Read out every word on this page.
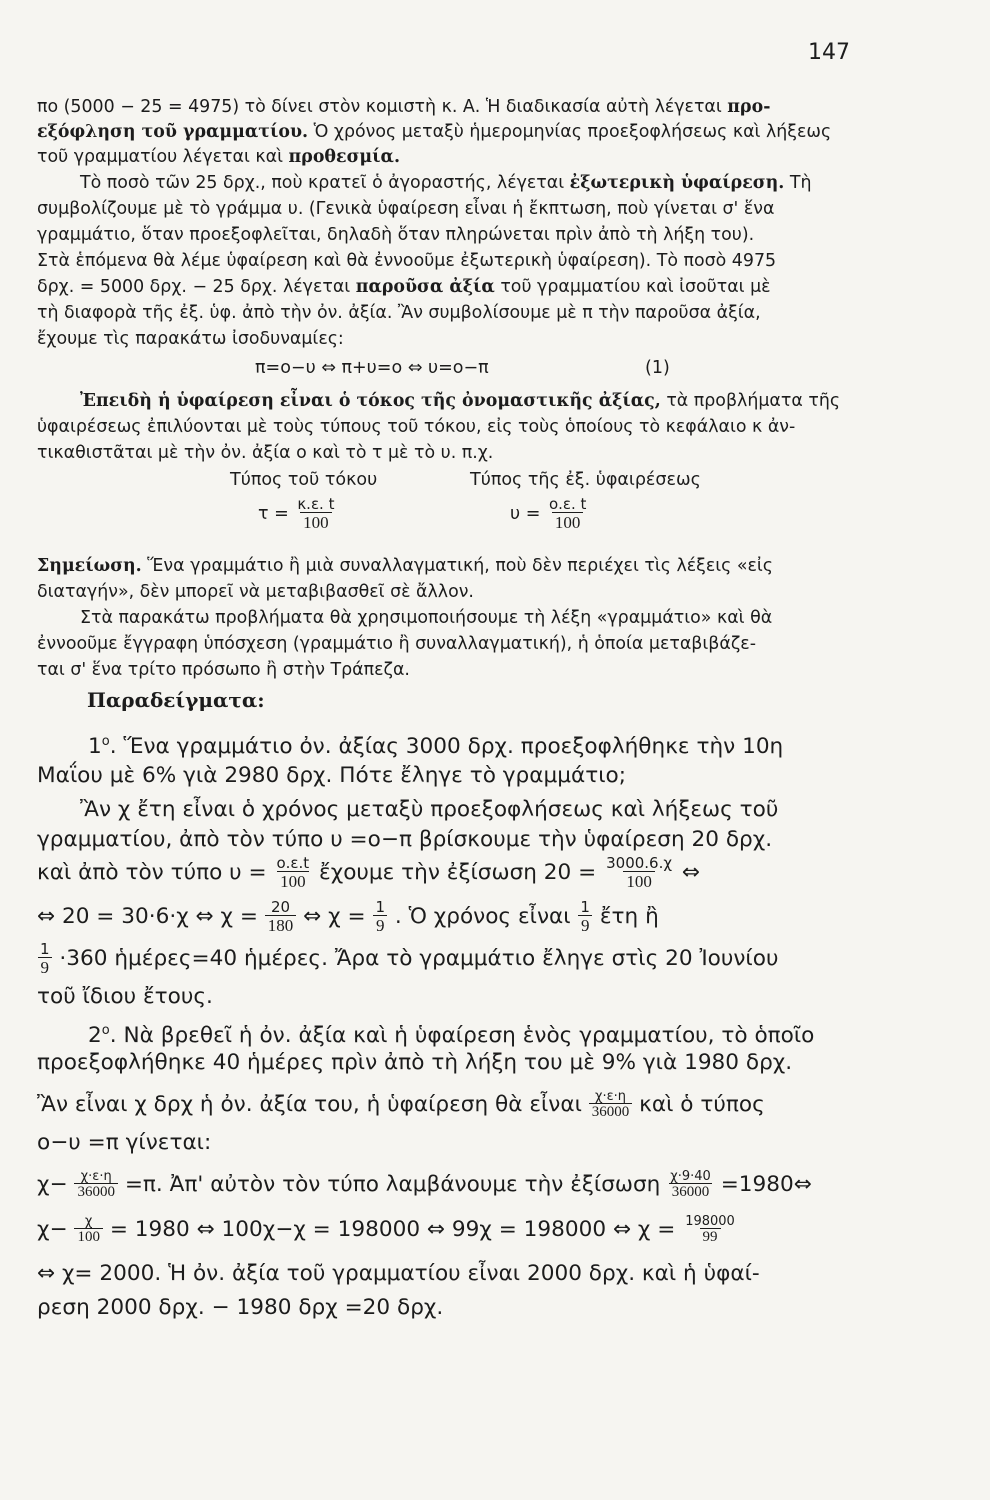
147
πο (5000 − 25 = 4975) τὸ δίνει στὸν κομιστὴ κ. Α. Ἡ διαδικασία αὐτὴ λέγεται προ-
εξόφληση τοῦ γραμματίου. Ὁ χρόνος μεταξὺ ἡμερομηνίας προεξοφλήσεως καὶ λήξεως
τοῦ γραμματίου λέγεται καὶ προθεσμία.
Τὸ ποσὸ τῶν 25 δρχ., ποὺ κρατεῖ ὁ ἀγοραστής, λέγεται ἐξωτερικὴ ὑφαίρεση. Τὴ
συμβολίζουμε μὲ τὸ γράμμα υ. (Γενικὰ ὑφαίρεση εἶναι ἡ ἔκπτωση, ποὺ γίνεται σ' ἕνα
γραμμάτιο, ὅταν προεξοφλεῖται, δηλαδὴ ὅταν πληρώνεται πρὶν ἀπὸ τὴ λήξη του).
Στὰ ἑπόμενα θὰ λέμε ὑφαίρεση καὶ θὰ ἐννοοῦμε ἐξωτερικὴ ὑφαίρεση). Τὸ ποσὸ 4975
δρχ. = 5000 δρχ. − 25 δρχ. λέγεται παροῦσα ἀξία τοῦ γραμματίου καὶ ἰσοῦται μὲ
τὴ διαφορὰ τῆς ἐξ. ὑφ. ἀπὸ τὴν ὀν. ἀξία. Ἂν συμβολίσουμε μὲ π τὴν παροῦσα ἀξία,
ἔχουμε τὶς παρακάτω ἰσοδυναμίες:
π=ο−υ ⇔ π+υ=ο ⇔ υ=ο−π	(1)
Ἐπειδὴ ἡ ὑφαίρεση εἶναι ὁ τόκος τῆς ὀνομαστικῆς ἀξίας, τὰ προβλήματα τῆς
ὑφαιρέσεως ἐπιλύονται μὲ τοὺς τύπους τοῦ τόκου, εἰς τοὺς ὁποίους τὸ κεφάλαιο κ ἀν-
τικαθιστᾶται μὲ τὴν ὀν. ἀξία ο καὶ τὸ τ μὲ τὸ υ. π.χ.
Τύπος τοῦ τόκου	Τύπος τῆς ἐξ. ὑφαιρέσεως
$\tau = \frac{\kappa.\varepsilon. t}{100}$	$\upsilon = \frac{o.\varepsilon. t}{100}$
Σημείωση. Ἕνα γραμμάτιο ἢ μιὰ συναλλαγματική, ποὺ δὲν περιέχει τὶς λέξεις «εἰς
διαταγήν», δὲν μπορεῖ νὰ μεταβιβασθεῖ σὲ ἄλλον.
Στὰ παρακάτω προβλήματα θὰ χρησιμοποιήσουμε τὴ λέξη «γραμμάτιο» καὶ θὰ
ἐννοοῦμε ἔγγραφη ὑπόσχεση (γραμμάτιο ἢ συναλλαγματική), ἡ ὁποία μεταβιβάζε-
ται σ' ἕνα τρίτο πρόσωπο ἢ στὴν Τράπεζα.
Παραδείγματα:
$1^o$. Ἕνα γραμμάτιο ὀν. ἀξίας 3000 δρχ. προεξοφλήθηκε τὴν 10η
Μαΐου μὲ 6% γιὰ 2980 δρχ. Πότε ἔληγε τὸ γραμμάτιο;
Ἂν χ ἔτη εἶναι ὁ χρόνος μεταξὺ προεξοφλήσεως καὶ λήξεως τοῦ
γραμματίου, ἀπὸ τὸν τύπο υ =ο−π βρίσκουμε τὴν ὑφαίρεση 20 δρχ.
καὶ ἀπὸ τὸν τύπο $\upsilon = \frac{o.\varepsilon.t}{100}$ ἔχουμε τὴν ἐξίσωση $20 = \frac{3000.6.\chi}{100}$ ⇔
⇔ 20 = 30·6·χ ⇔ $\chi = \frac{20}{180}$ ⇔ $\chi = \frac{1}{9}$ . Ὁ χρόνος εἶναι $\frac{1}{9}$ ἔτη ἢ
$\frac{1}{9} \cdot 360$ ἡμέρες=40 ἡμέρες. Ἄρα τὸ γραμμάτιο ἔληγε στὶς 20 Ἰουνίου
τοῦ ἴδιου ἔτους.
$2^o$. Νὰ βρεθεῖ ἡ ὀν. ἀξία καὶ ἡ ὑφαίρεση ἑνὸς γραμματίου, τὸ ὁποῖο
προεξοφλήθηκε 40 ἡμέρες πρὶν ἀπὸ τὴ λήξη του μὲ 9% γιὰ 1980 δρχ.
Ἂν εἶναι χ δρχ ἡ ὀν. ἀξία του, ἡ ὑφαίρεση θὰ εἶναι $\frac{\chi\cdot\varepsilon\cdot\eta}{36000}$ καὶ ὁ τύπος
ο−υ =π γίνεται:
$\chi- \frac{\chi\cdot\varepsilon\cdot\eta}{36000} =\pi$. Ἀπ' αὐτὸν τὸν τύπο λαμβάνουμε τὴν ἐξίσωση $\frac{\chi\cdot 9\cdot 40}{36000}$ =1980⇔
$\chi- \frac{\chi}{100} = 1980$ ⇔ 100χ−χ = 198000 ⇔ 99χ = 198000 ⇔ $\chi = \frac{198000}{99}$
⇔ χ= 2000. Ἡ ὀν. ἀξία τοῦ γραμματίου εἶναι 2000 δρχ. καὶ ἡ ὑφαί-
ρεση 2000 δρχ. − 1980 δρχ =20 δρχ.
